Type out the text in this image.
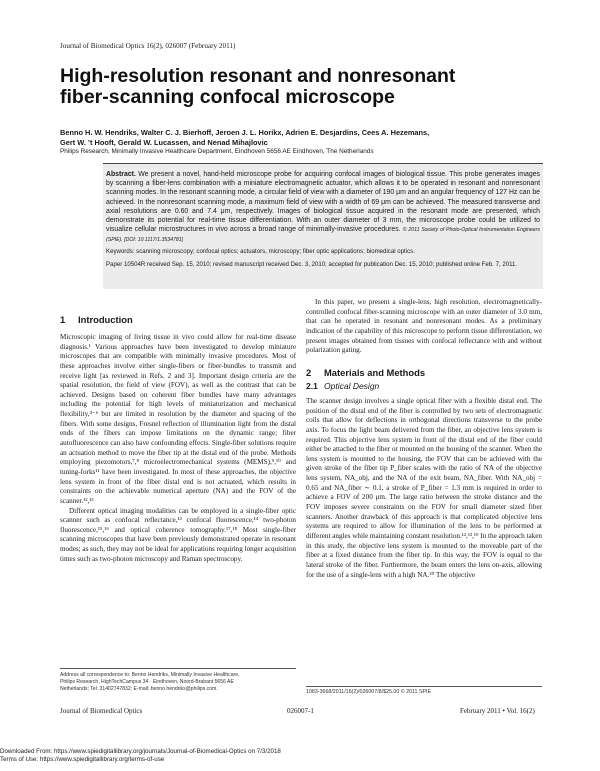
Journal of Biomedical Optics 16(2), 026007 (February 2011)
High-resolution resonant and nonresonant
fiber-scanning confocal microscope
Benno H. W. Hendriks, Walter C. J. Bierhoff, Jeroen J. L. Horikx, Adrien E. Desjardins, Cees A. Hezemans,
Gert W. ’t Hooft, Gerald W. Lucassen, and Nenad Mihajlovic
Philips Research, Minimally Invasive Healthcare Department, Eindhoven 5656 AE Eindhoven, The Netherlands
Abstract. We present a novel, hand-held microscope probe for acquiring confocal images of biological tissue. This probe generates images by scanning a fiber-lens combination with a miniature electromagnetic actuator, which allows it to be operated in resonant and nonresonant scanning modes. In the resonant scanning mode, a circular field of view with a diameter of 190 μm and an angular frequency of 127 Hz can be achieved. In the nonresonant scanning mode, a maximum field of view with a width of 69 μm can be achieved. The measured transverse and axial resolutions are 0.60 and 7.4 μm, respectively. Images of biological tissue acquired in the resonant mode are presented, which demonstrate its potential for real-time tissue differentiation. With an outer diameter of 3 mm, the microscope probe could be utilized to visualize cellular microstructures in vivo across a broad range of minimally-invasive procedures. © 2011 Society of Photo-Optical Instrumentation Engineers (SPIE). [DOI: 10.1117/1.3534781]
Keywords: scanning microscopy; confocal optics; actuators, microscopy; fiber optic applications; biomedical optics.
Paper 10504R received Sep. 15, 2010; revised manuscript received Dec. 3, 2010; accepted for publication Dec. 15, 2010; published online Feb. 7, 2011.
1 Introduction

Microscopic imaging of living tissue in vivo could allow for real-time disease diagnosis.¹ Various approaches have been investigated to develop miniature microscopes that are compatible with minimally invasive procedures. Most of these approaches involve either single-fibers or fiber-bundles to transmit and receive light [as reviewed in Refs. 2 and 3]. Important design criteria are the spatial resolution, the field of view (FOV), as well as the contrast that can be achieved. Designs based on coherent fiber bundles have many advantages including the potential for high levels of miniaturization and mechanical flexibility,⁴⁻⁶ but are limited in resolution by the diameter and spacing of the fibers. With some designs, Fresnel reflection of illumination light from the distal ends of the fibers can impose limitations on the dynamic range; fiber autofluorescence can also have confounding effects. Single-fiber solutions require an actuation method to move the fiber tip at the distal end of the probe. Methods employing piezomotors,⁷,⁸ microelectromechanical systems (MEMS),⁹,¹⁰ and tuning-forks¹¹ have been investigated. In most of these approaches, the objective lens system in front of the fiber distal end is not actuated, which results in constraints on the achievable numerical aperture (NA) and the FOV of the scanner.¹²,¹³

Different optical imaging modalities can be employed in a single-fiber optic scanner such as confocal reflectance,¹³ confocal fluorescence,¹⁴ two-photon fluorescence,¹⁵,¹⁶ and optical coherence tomography.¹⁷,¹⁸ Most single-fiber scanning microscopes that have been previously demonstrated operate in resonant modes; as such, they may not be ideal for applications requiring longer acquisition times such as two-photon microscopy and Raman spectroscopy.

In this paper, we present a single-lens, high resolution, electromagnetically-controlled confocal fiber-scanning microscope with an outer diameter of 3.0 mm, that can be operated in resonant and nonresonant modes. As a preliminary indication of the capability of this microscope to perform tissue differentiation, we present images obtained from tissues with confocal reflectance with and without polarization gating.

2 Materials and Methods
2.1 Optical Design

The scanner design involves a single optical fiber with a flexible distal end. The position of the distal end of the fiber is controlled by two sets of electromagnetic coils that allow for deflections in orthogonal directions transverse to the probe axis. To focus the light beam delivered from the fiber, an objective lens system is required. This objective lens system in front of the distal end of the fiber could either be attached to the fiber or mounted on the housing of the scanner. When the lens system is mounted to the housing, the FOV that can be achieved with the given stroke of the fiber tip P_fiber scales with the ratio of NA of the objective lens system, NA_obj, and the NA of the exit beam, NA_fiber. With NA_obj = 0.65 and NA_fiber ∼ 0.1, a stroke of P_fiber = 1.3 mm is required in order to achieve a FOV of 200 μm. The large ratio between the stroke distance and the FOV imposes severe constraints on the FOV for small diameter sized fiber scanners. Another drawback of this approach is that complicated objective lens systems are required to allow for illumination of the lens to be performed at different angles while maintaining constant resolution.¹²,¹³,¹⁹ In the approach taken in this study, the objective lens system is mounted to the moveable part of the fiber at a fixed distance from the fiber tip. In this way, the FOV is equal to the lateral stroke of the fiber. Furthermore, the beam enters the lens on-axis, allowing for the use of a single-lens with a high NA.²⁰ The objective

Address all correspondence to: Benno Hendriks, Minimally Invasive Healthcare,
Philips Research, HighTechCampus 34 · Eindhoven, Noord-Brabant 5656 AE
Netherlands; Tel: 31402747832; E-mail: benno.hendriks@philips.com.	1083-3668/2011/16(2)/026007/8/$25.00 © 2011 SPIE
Journal of Biomedical Optics	026007-1	February 2011 • Vol. 16(2)
Downloaded From: https://www.spiedigitallibrary.org/journals/Journal-of-Biomedical-Optics on 7/3/2018
Terms of Use: https://www.spiedigitallibrary.org/terms-of-use
